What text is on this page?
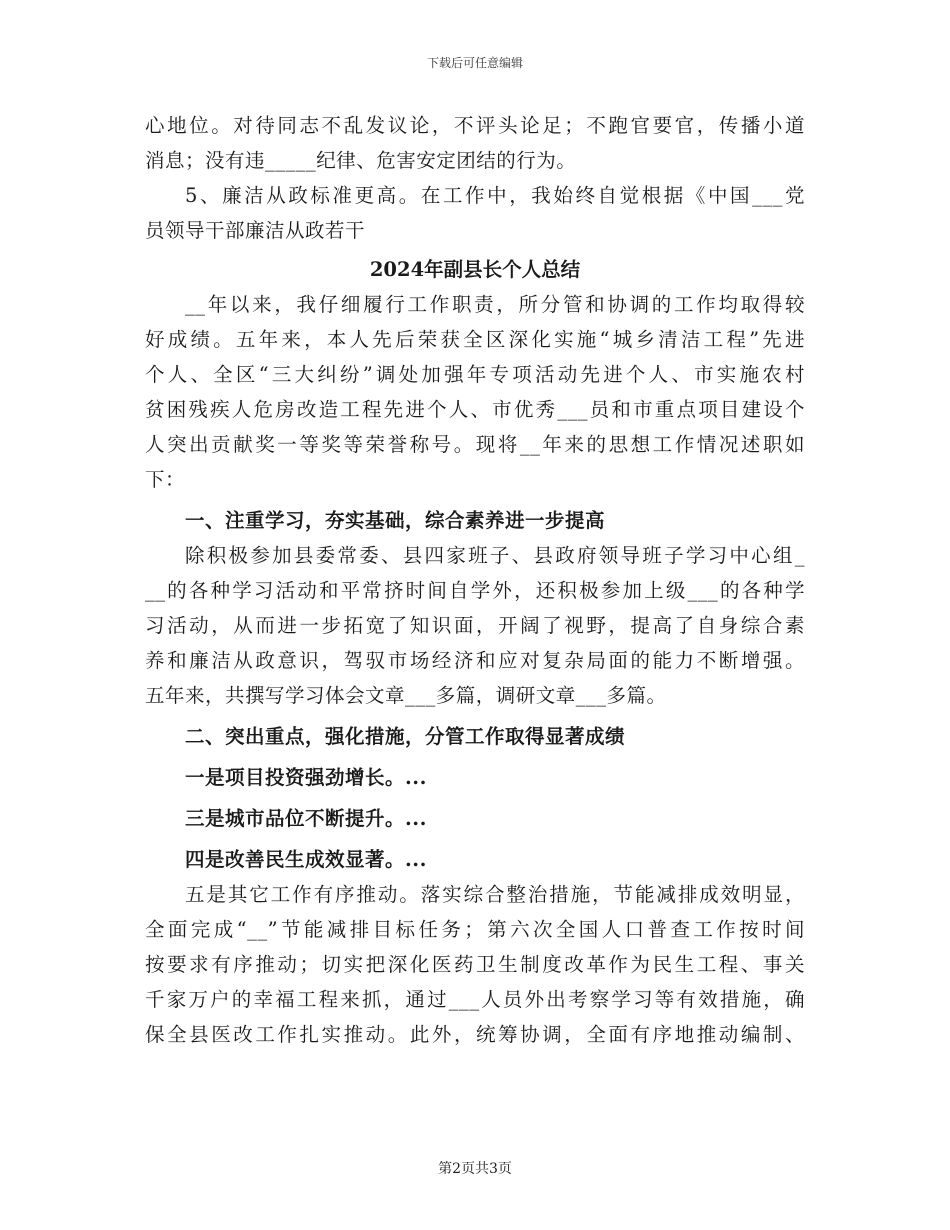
下载后可任意编辑
心地位。对待同志不乱发议论，不评头论足；不跑官要官，传播小道
消息；没有违_____纪律、危害安定团结的行为。
5、廉洁从政标准更高。在工作中，我始终自觉根据《中国___党
员领导干部廉洁从政若干
2024年副县长个人总结
__年以来，我仔细履行工作职责，所分管和协调的工作均取得较
好成绩。五年来，本人先后荣获全区深化实施“城乡清洁工程”先进
个人、全区“三大纠纷”调处加强年专项活动先进个人、市实施农村
贫困残疾人危房改造工程先进个人、市优秀___员和市重点项目建设个
人突出贡献奖一等奖等荣誉称号。现将__年来的思想工作情况述职如
下：
一、注重学习，夯实基础，综合素养进一步提高
除积极参加县委常委、县四家班子、县政府领导班子学习中心组_
__的各种学习活动和平常挤时间自学外，还积极参加上级___的各种学
习活动，从而进一步拓宽了知识面，开阔了视野，提高了自身综合素
养和廉洁从政意识，驾驭市场经济和应对复杂局面的能力不断增强。
五年来，共撰写学习体会文章___多篇，调研文章___多篇。
二、突出重点，强化措施，分管工作取得显著成绩
一是项目投资强劲增长。...
三是城市品位不断提升。...
四是改善民生成效显著。...
五是其它工作有序推动。落实综合整治措施，节能减排成效明显，
全面完成“__”节能减排目标任务；第六次全国人口普查工作按时间
按要求有序推动；切实把深化医药卫生制度改革作为民生工程、事关
千家万户的幸福工程来抓，通过___人员外出考察学习等有效措施，确
保全县医改工作扎实推动。此外，统筹协调，全面有序地推动编制、
第2页共3页
